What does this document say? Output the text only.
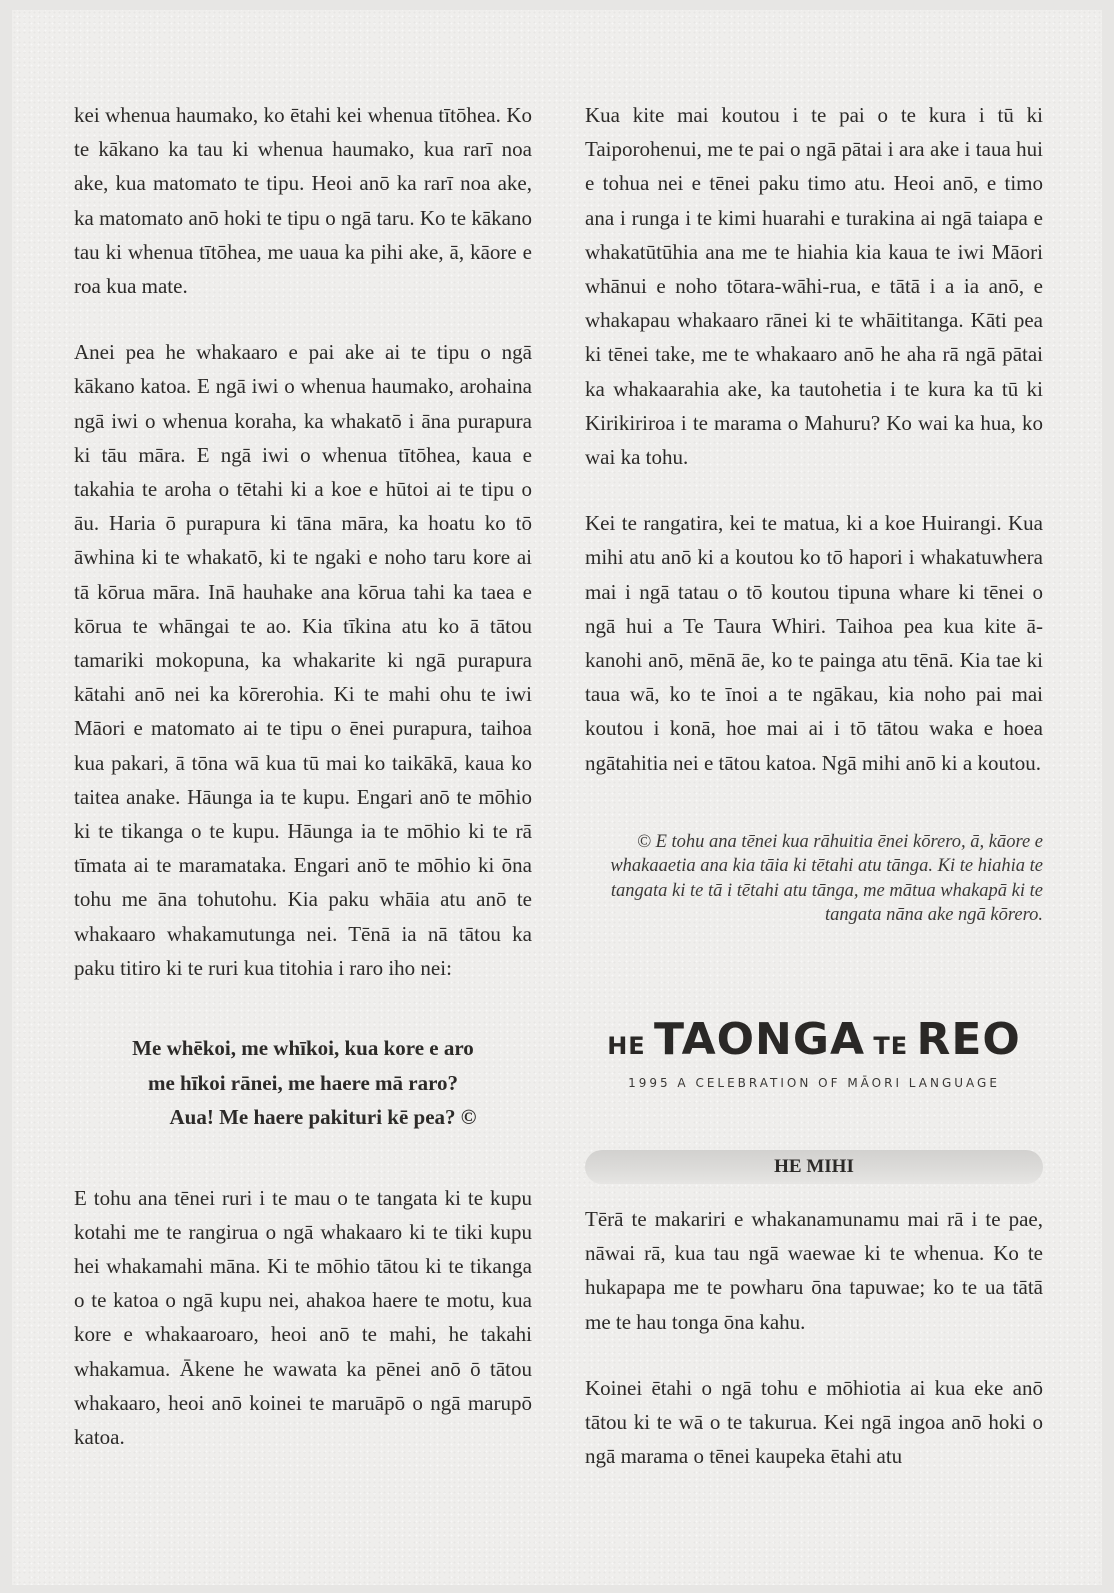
kei whenua haumako, ko ētahi kei whenua tītōhea. Ko te kākano ka tau ki whenua haumako, kua rarī noa ake, kua matomato te tipu. Heoi anō ka rarī noa ake, ka matomato anō hoki te tipu o ngā taru. Ko te kākano tau ki whenua tītōhea, me uaua ka pihi ake, ā, kāore e roa kua mate.

Anei pea he whakaaro e pai ake ai te tipu o ngā kākano katoa. E ngā iwi o whenua haumako, arohaina ngā iwi o whenua koraha, ka whakatō i āna purapura ki tāu māra. E ngā iwi o whenua tītōhea, kaua e takahia te aroha o tētahi ki a koe e hūtoi ai te tipu o āu. Haria ō purapura ki tāna māra, ka hoatu ko tō āwhina ki te whakatō, ki te ngaki e noho taru kore ai tā kōrua māra. Inā hauhake ana kōrua tahi ka taea e kōrua te whāngai te ao. Kia tīkina atu ko ā tātou tamariki mokopuna, ka whakarite ki ngā purapura kātahi anō nei ka kōrerohia. Ki te mahi ohu te iwi Māori e matomato ai te tipu o ēnei purapura, taihoa kua pakari, ā tōna wā kua tū mai ko taikākā, kaua ko taitea anake. Hāunga ia te kupu. Engari anō te mōhio ki te tikanga o te kupu. Hāunga ia te mōhio ki te rā tīmata ai te maramataka. Engari anō te mōhio ki ōna tohu me āna tohutohu. Kia paku whāia atu anō te whakaaro whakamutunga nei. Tēnā ia nā tātou ka paku titiro ki te ruri kua titohia i raro iho nei:

Me whēkoi, me whīkoi, kua kore e aro
me hīkoi rānei, me haere mā raro?
Aua! Me haere pakituri kē pea? ©

E tohu ana tēnei ruri i te mau o te tangata ki te kupu kotahi me te rangirua o ngā whakaaro ki te tiki kupu hei whakamahi māna. Ki te mōhio tātou ki te tikanga o te katoa o ngā kupu nei, ahakoa haere te motu, kua kore e whakaaroaro, heoi anō te mahi, he takahi whakamua. Ākene he wawata ka pēnei anō ō tātou whakaaro, heoi anō koinei te maruāpō o ngā marupō katoa.

Kua kite mai koutou i te pai o te kura i tū ki Taiporohenui, me te pai o ngā pātai i ara ake i taua hui e tohua nei e tēnei paku timo atu. Heoi anō, e timo ana i runga i te kimi huarahi e turakina ai ngā taiapa e whakatūtūhia ana me te hiahia kia kaua te iwi Māori whānui e noho tōtara-wāhi-rua, e tātā i a ia anō, e whakapau whakaaro rānei ki te whāititanga. Kāti pea ki tēnei take, me te whakaaro anō he aha rā ngā pātai ka whakaarahia ake, ka tautohetia i te kura ka tū ki Kirikiriroa i te marama o Mahuru? Ko wai ka hua, ko wai ka tohu.

Kei te rangatira, kei te matua, ki a koe Huirangi. Kua mihi atu anō ki a koutou ko tō hapori i whakatuwhera mai i ngā tatau o tō koutou tipuna whare ki tēnei o ngā hui a Te Taura Whiri. Taihoa pea kua kite ā-kanohi anō, mēnā āe, ko te painga atu tēnā. Kia tae ki taua wā, ko te īnoi a te ngākau, kia noho pai mai koutou i konā, hoe mai ai i tō tātou waka e hoea ngātahitia nei e tātou katoa. Ngā mihi anō ki a koutou.

© E tohu ana tēnei kua rāhuitia ēnei kōrero, ā, kāore e whakaaetia ana kia tāia ki tētahi atu tānga. Ki te hiahia te tangata ki te tā i tētahi atu tānga, me mātua whakapā ki te tangata nāna ake ngā kōrero.

HE TAONGA TE REO
1995 A CELEBRATION OF MĀORI LANGUAGE
HE MIHI

Tērā te makariri e whakanamunamu mai rā i te pae, nāwai rā, kua tau ngā waewae ki te whenua. Ko te hukapapa me te powharu ōna tapuwae; ko te ua tātā me te hau tonga ōna kahu.

Koinei ētahi o ngā tohu e mōhiotia ai kua eke anō tātou ki te wā o te takurua. Kei ngā ingoa anō hoki o ngā marama o tēnei kaupeka ētahi atu
